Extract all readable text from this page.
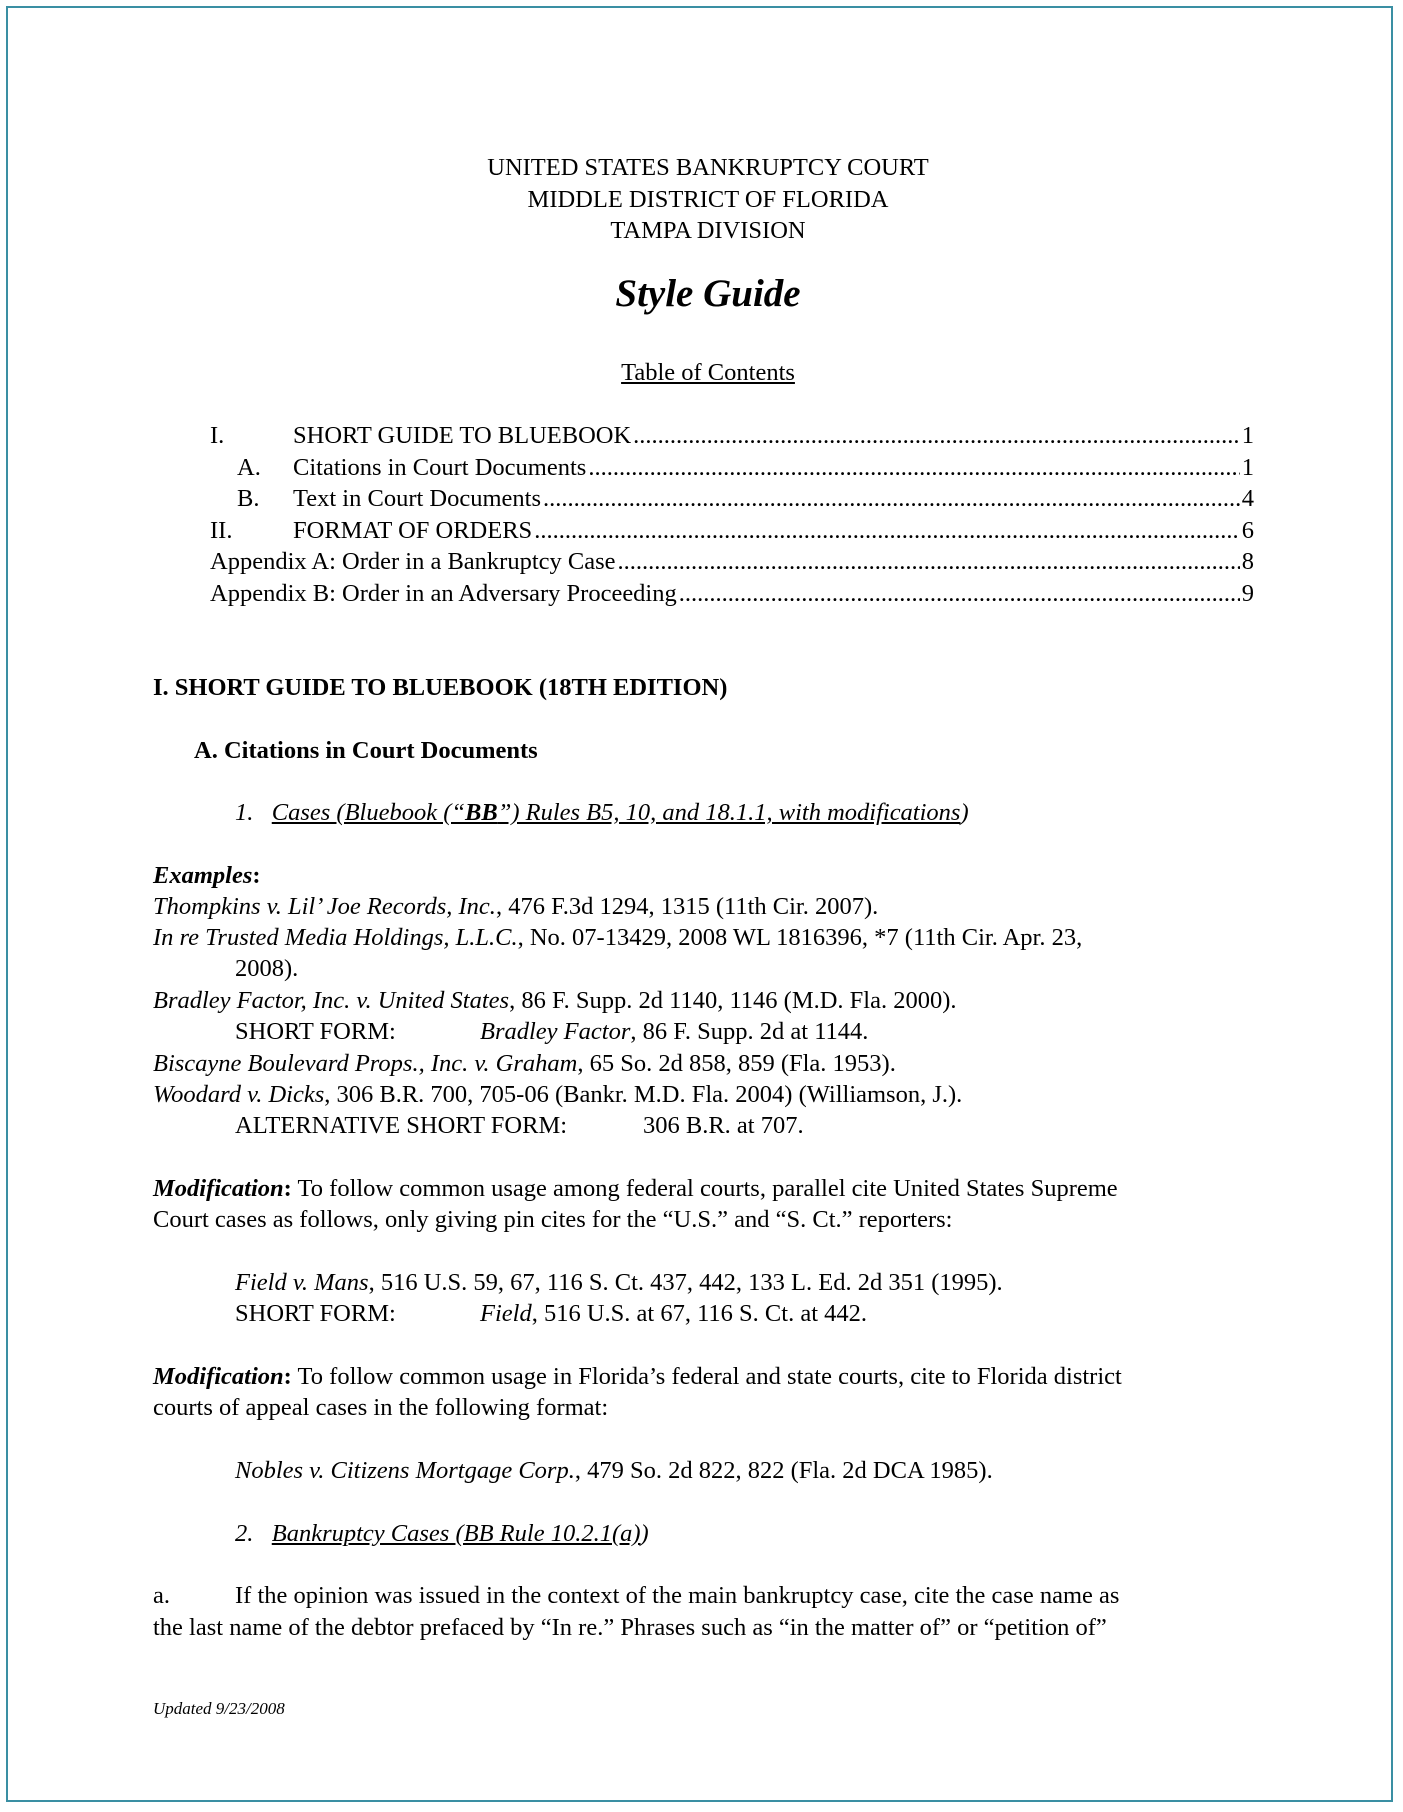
UNITED STATES BANKRUPTCY COURT
MIDDLE DISTRICT OF FLORIDA
TAMPA DIVISION
Style Guide
Table of Contents
I.	SHORT GUIDE TO BLUEBOOK .....	1
A. Citations in Court Documents .....	1
B. Text in Court Documents .....	4
II. FORMAT OF ORDERS .....	6
Appendix A: Order in a Bankruptcy Case .....	8
Appendix B: Order in an Adversary Proceeding .....	9
I. SHORT GUIDE TO BLUEBOOK (18TH EDITION)
A. Citations in Court Documents
1. Cases (Bluebook (“BB”) Rules B5, 10, and 18.1.1, with modifications)
Examples:
Thompkins v. Lil’ Joe Records, Inc., 476 F.3d 1294, 1315 (11th Cir. 2007).
In re Trusted Media Holdings, L.L.C., No. 07-13429, 2008 WL 1816396, *7 (11th Cir. Apr. 23,
2008).
Bradley Factor, Inc. v. United States, 86 F. Supp. 2d 1140, 1146 (M.D. Fla. 2000).
SHORT FORM:	Bradley Factor, 86 F. Supp. 2d at 1144.
Biscayne Boulevard Props., Inc. v. Graham, 65 So. 2d 858, 859 (Fla. 1953).
Woodard v. Dicks, 306 B.R. 700, 705-06 (Bankr. M.D. Fla. 2004) (Williamson, J.).
ALTERNATIVE SHORT FORM:	306 B.R. at 707.
Modification: To follow common usage among federal courts, parallel cite United States Supreme
Court cases as follows, only giving pin cites for the “U.S.” and “S. Ct.” reporters:
Field v. Mans, 516 U.S. 59, 67, 116 S. Ct. 437, 442, 133 L. Ed. 2d 351 (1995).
SHORT FORM:	Field, 516 U.S. at 67, 116 S. Ct. at 442.
Modification: To follow common usage in Florida’s federal and state courts, cite to Florida district
courts of appeal cases in the following format:
Nobles v. Citizens Mortgage Corp., 479 So. 2d 822, 822 (Fla. 2d DCA 1985).
2. Bankruptcy Cases (BB Rule 10.2.1(a))
a.	If the opinion was issued in the context of the main bankruptcy case, cite the case name as
the last name of the debtor prefaced by “In re.” Phrases such as “in the matter of” or “petition of”
Updated 9/23/2008
